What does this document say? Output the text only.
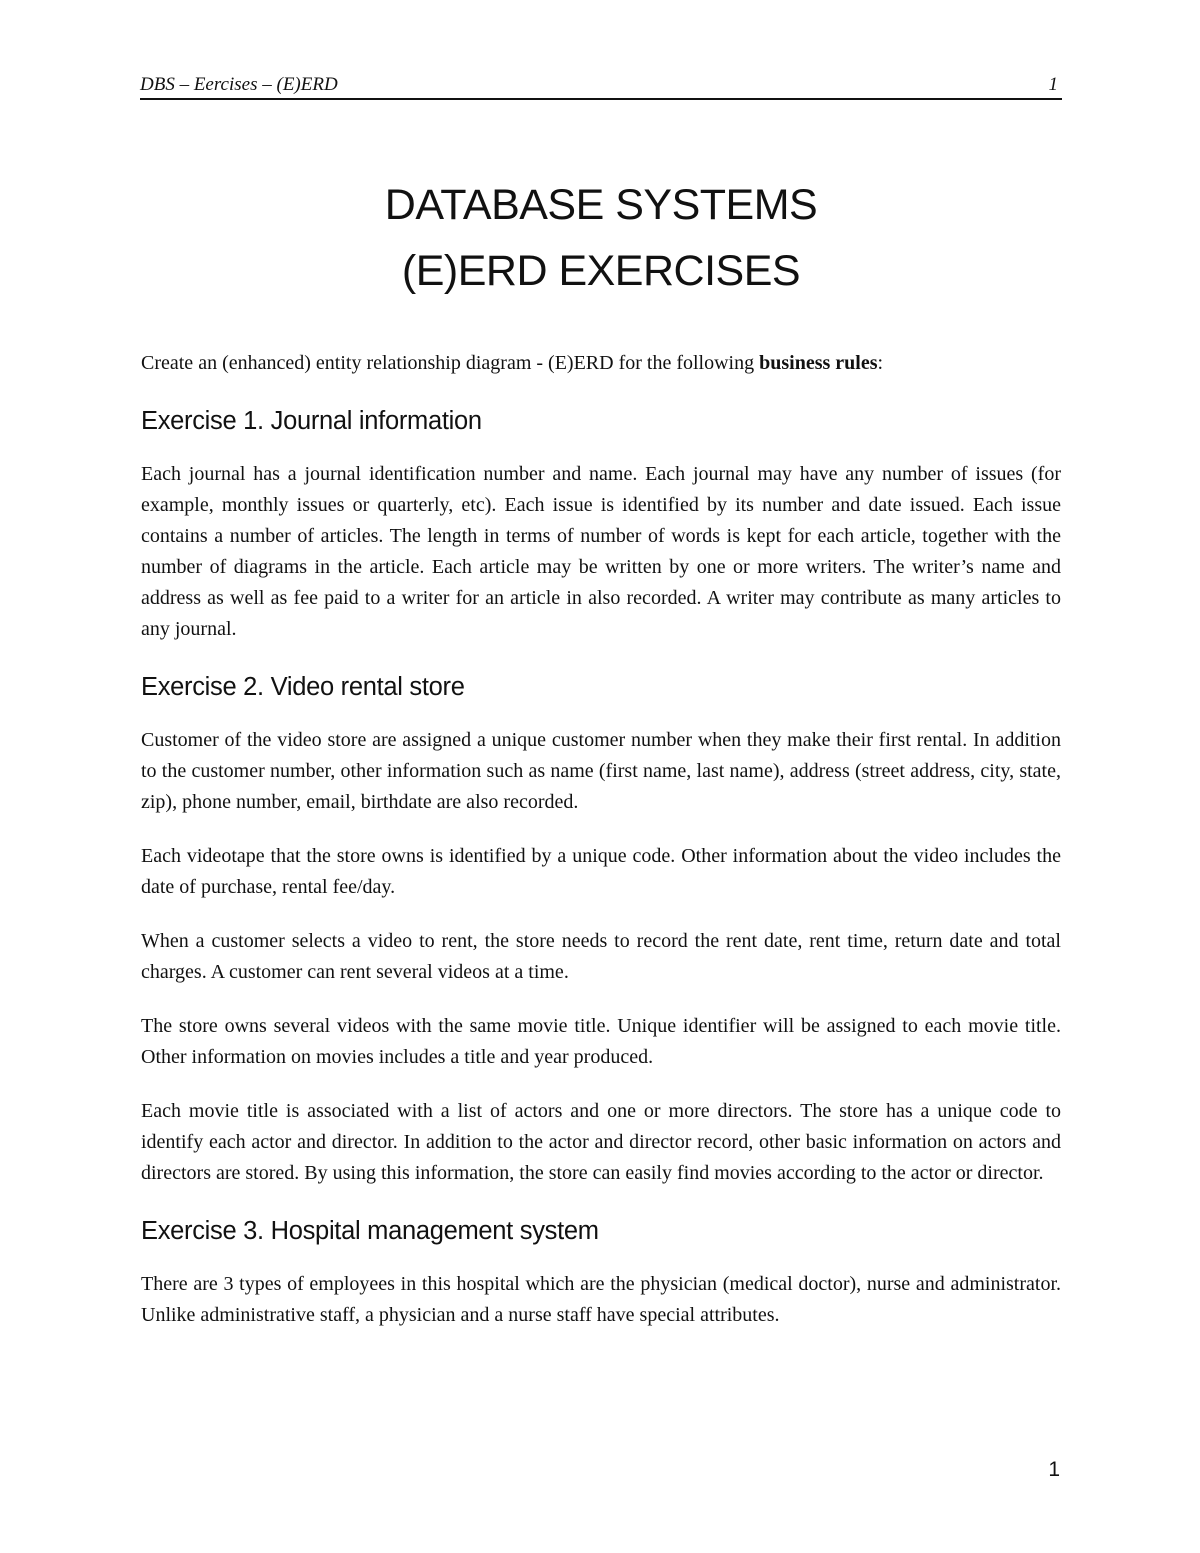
DBS – Eercises – (E)ERD	1
DATABASE SYSTEMS
(E)ERD EXERCISES

Create an (enhanced) entity relationship diagram - (E)ERD for the following business rules:

Exercise 1. Journal information

Each journal has a journal identification number and name. Each journal may have any number of issues (for example, monthly issues or quarterly, etc). Each issue is identified by its number and date issued. Each issue contains a number of articles. The length in terms of number of words is kept for each article, together with the number of diagrams in the article. Each article may be written by one or more writers. The writer’s name and address as well as fee paid to a writer for an article in also recorded. A writer may contribute as many articles to any journal.

Exercise 2. Video rental store

Customer of the video store are assigned a unique customer number when they make their first rental. In addition to the customer number, other information such as name (first name, last name), address (street address, city, state, zip), phone number, email, birthdate are also recorded.

Each videotape that the store owns is identified by a unique code. Other information about the video includes the date of purchase, rental fee/day.

When a customer selects a video to rent, the store needs to record the rent date, rent time, return date and total charges. A customer can rent several videos at a time.

The store owns several videos with the same movie title. Unique identifier will be assigned to each movie title. Other information on movies includes a title and year produced.

Each movie title is associated with a list of actors and one or more directors. The store has a unique code to identify each actor and director. In addition to the actor and director record, other basic information on actors and directors are stored. By using this information, the store can easily find movies according to the actor or director.

Exercise 3. Hospital management system

There are 3 types of employees in this hospital which are the physician (medical doctor), nurse and administrator. Unlike administrative staff, a physician and a nurse staff have special attributes.

1
